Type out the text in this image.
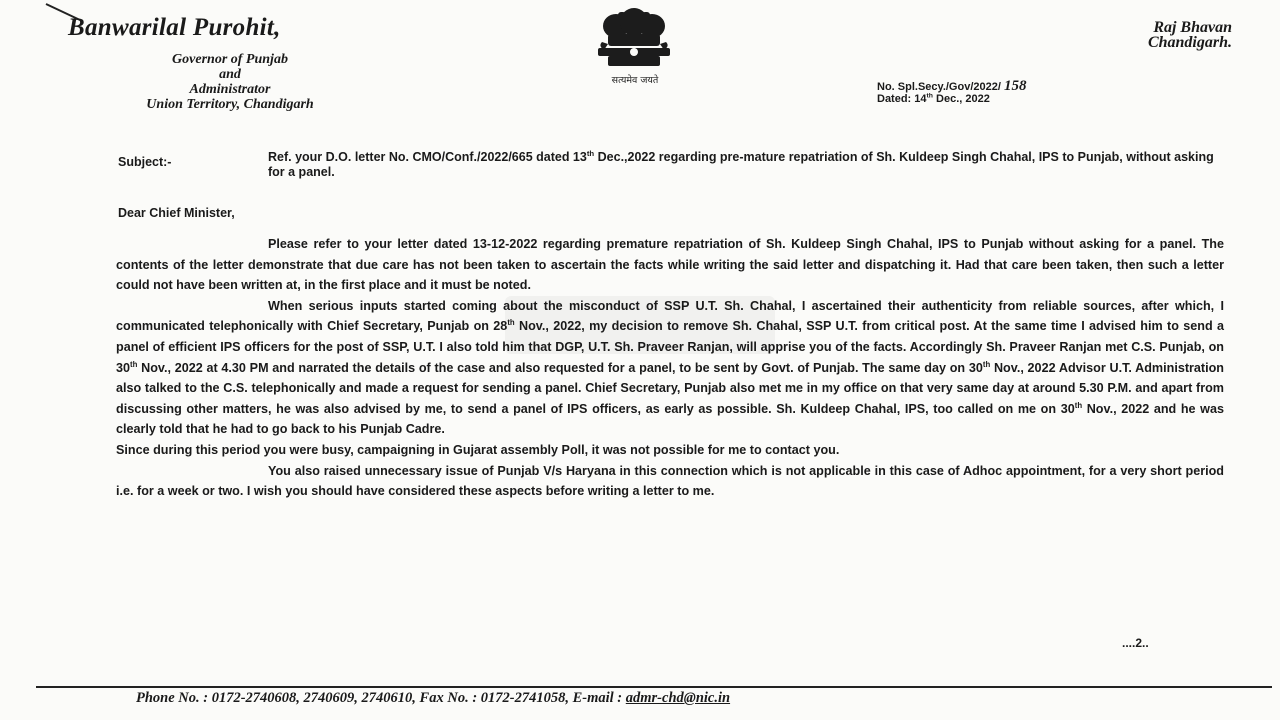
Banwarilal Purohit,
Governor of Punjab
and
Administrator
Union Territory, Chandigarh
सत्यमेव जयते
Raj Bhavan
Chandigarh.
No. Spl.Secy./Gov/2022/ 158
Dated: 14th Dec., 2022
Subject:-	Ref. your D.O. letter No. CMO/Conf./2022/665 dated 13th Dec.,2022 regarding pre-mature repatriation of Sh. Kuldeep Singh Chahal, IPS to Punjab, without asking for a panel.
Dear Chief Minister,

Please refer to your letter dated 13-12-2022 regarding premature repatriation of Sh. Kuldeep Singh Chahal, IPS to Punjab without asking for a panel. The contents of the letter demonstrate that due care has not been taken to ascertain the facts while writing the said letter and dispatching it. Had that care been taken, then such a letter could not have been written at, in the first place and it must be noted.

When serious inputs started coming about the misconduct of SSP U.T. Sh. Chahal, I ascertained their authenticity from reliable sources, after which, I communicated telephonically with Chief Secretary, Punjab on 28th Nov., 2022, my decision to remove Sh. Chahal, SSP U.T. from critical post. At the same time I advised him to send a panel of efficient IPS officers for the post of SSP, U.T. I also told him that DGP, U.T. Sh. Praveer Ranjan, will apprise you of the facts. Accordingly Sh. Praveer Ranjan met C.S. Punjab, on 30th Nov., 2022 at 4.30 PM and narrated the details of the case and also requested for a panel, to be sent by Govt. of Punjab. The same day on 30th Nov., 2022 Advisor U.T. Administration also talked to the C.S. telephonically and made a request for sending a panel. Chief Secretary, Punjab also met me in my office on that very same day at around 5.30 P.M. and apart from discussing other matters, he was also advised by me, to send a panel of IPS officers, as early as possible. Sh. Kuldeep Chahal, IPS, too called on me on 30th Nov., 2022 and he was clearly told that he had to go back to his Punjab Cadre.

Since during this period you were busy, campaigning in Gujarat assembly Poll, it was not possible for me to contact you.

You also raised unnecessary issue of Punjab V/s Haryana in this connection which is not applicable in this case of Adhoc appointment, for a very short period i.e. for a week or two. I wish you should have considered these aspects before writing a letter to me.

....2..
Phone No. : 0172-2740608, 2740609, 2740610, Fax No. : 0172-2741058, E-mail : admr-chd@nic.in
